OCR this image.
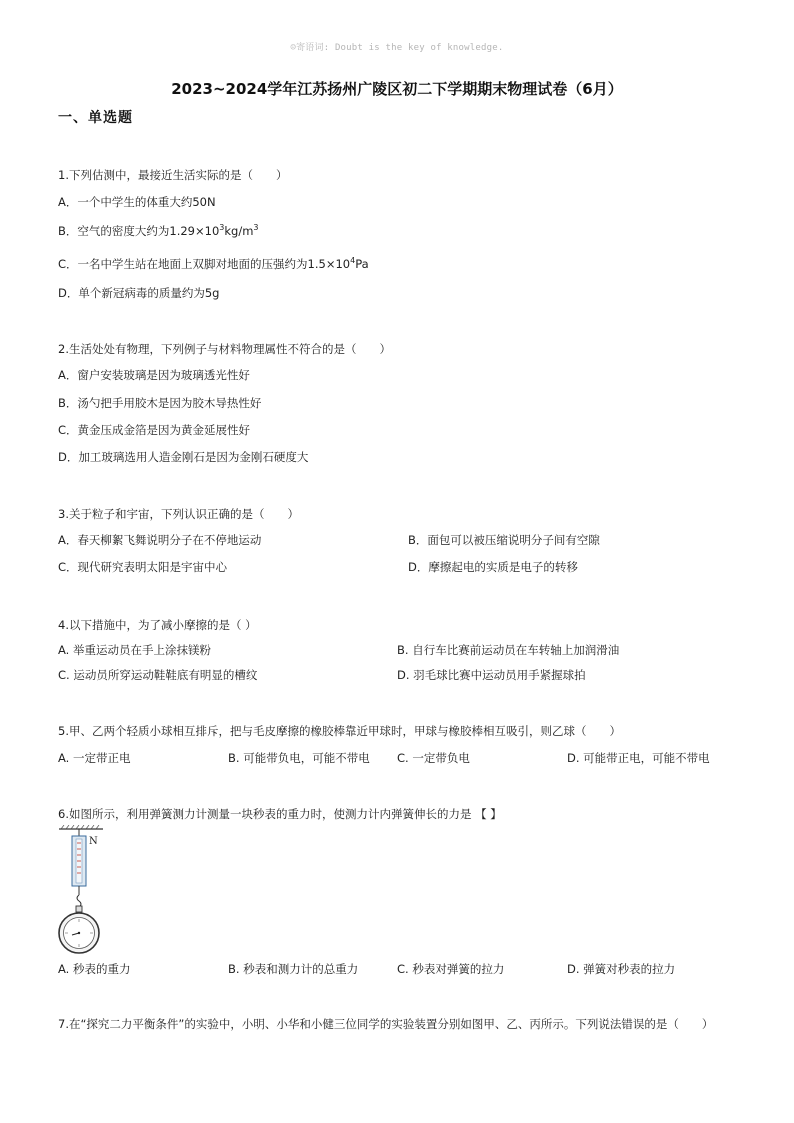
☺寄语词: Doubt is the key of knowledge.
2023~2024学年江苏扬州广陵区初二下学期期末物理试卷（6月）
一、单选题
1.下列估测中，最接近生活实际的是（　　）
A．一个中学生的体重大约50N
B．空气的密度大约为$1.29\times 10^3kg/m^3$
C．一名中学生站在地面上双脚对地面的压强约为$1.5\times 10^4Pa$
D．单个新冠病毒的质量约为5g
2.生活处处有物理，下列例子与材料物理属性不符合的是（　　）
A．窗户安装玻璃是因为玻璃透光性好
B．汤勺把手用胶木是因为胶木导热性好
C．黄金压成金箔是因为黄金延展性好
D．加工玻璃选用人造金刚石是因为金刚石硬度大
3.关于粒子和宇宙，下列认识正确的是（　　）
A．春天柳絮飞舞说明分子在不停地运动	B．面包可以被压缩说明分子间有空隙
C．现代研究表明太阳是宇宙中心	D．摩擦起电的实质是电子的转移
4.以下措施中，为了减小摩擦的是（ ）
A. 举重运动员在手上涂抹镁粉	B. 自行车比赛前运动员在车转轴上加润滑油
C. 运动员所穿运动鞋鞋底有明显的槽纹	D. 羽毛球比赛中运动员用手紧握球拍
5.甲、乙两个轻质小球相互排斥，把与毛皮摩擦的橡胶棒靠近甲球时，甲球与橡胶棒相互吸引，则乙球（　　）
A. 一定带正电	B. 可能带负电，可能不带电 C. 一定带负电	D. 可能带正电，可能不带电
6.如图所示，利用弹簧测力计测量一块秒表的重力时，使测力计内弹簧伸长的力是 【 】
A. 秒表的重力	B. 秒表和测力计的总重力	C. 秒表对弹簧的拉力	D. 弹簧对秒表的拉力
N
7.在“探究二力平衡条件”的实验中，小明、小华和小健三位同学的实验装置分别如图甲、乙、丙所示。下列说法错误的是（　　）
